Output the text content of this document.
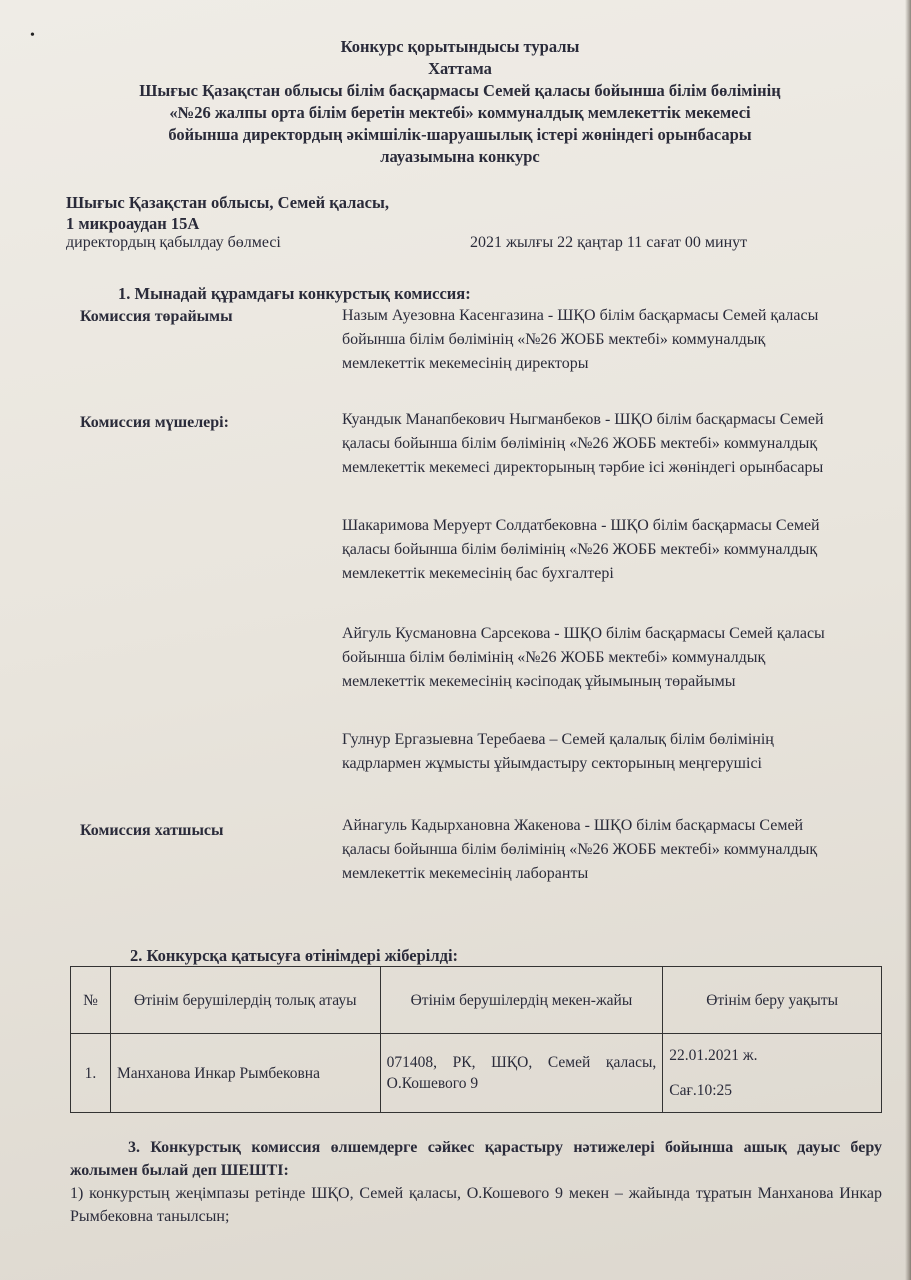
•
Конкурс қорытындысы туралы
Хаттама
Шығыс Қазақстан облысы білім басқармасы Семей қаласы бойынша білім бөлімінің
«№26 жалпы орта білім беретін мектебі» коммуналдық мемлекеттік мекемесі
бойынша директордың әкімшілік-шаруашылық істері жөніндегі орынбасары
лауазымына конкурс
Шығыс Қазақстан облысы, Семей қаласы,
1 микроаудан 15А
директордың қабылдау бөлмесі	2021 жылғы 22 қаңтар 11 сағат 00 минут
1. Мынадай құрамдағы конкурстық комиссия:
Комиссия төрайымы	Назым Ауезовна Касенгазина - ШҚО білім басқармасы Семей қаласы бойынша білім бөлімінің «№26 ЖОББ мектебі» коммуналдық мемлекеттік мекемесінің директоры
Комиссия мүшелері:	Куандык Манапбекович Ныгманбеков - ШҚО білім басқармасы Семей қаласы бойынша білім бөлімінің «№26 ЖОББ мектебі» коммуналдық мемлекеттік мекемесі директорының тәрбие ісі жөніндегі орынбасары
Шакаримова Меруерт Солдатбековна - ШҚО білім басқармасы Семей қаласы бойынша білім бөлімінің «№26 ЖОББ мектебі» коммуналдық мемлекеттік мекемесінің бас бухгалтері
Айгуль Кусмановна Сарсекова - ШҚО білім басқармасы Семей қаласы бойынша білім бөлімінің «№26 ЖОББ мектебі» коммуналдық мемлекеттік мекемесінің кәсіподақ ұйымының төрайымы
Гулнур Ергазыевна Теребаева – Семей қалалық білім бөлімінің кадрлармен жұмысты ұйымдастыру секторының меңгерушісі
Комиссия хатшысы	Айнагуль Кадырхановна Жакенова - ШҚО білім басқармасы Семей қаласы бойынша білім бөлімінің «№26 ЖОББ мектебі» коммуналдық мемлекеттік мекемесінің лаборанты
2. Конкурсқа қатысуға өтінімдері жіберілді:
№	Өтінім берушілердің толық атауы	Өтінім берушілердің мекен-жайы	Өтінім беру уақыты
1.	Манханова Инкар Рымбековна	071408, РК, ШҚО, Семей қаласы, О.Кошевого 9	22.01.2021 ж.
Сағ.10:25
3. Конкурстық комиссия өлшемдерге сәйкес қарастыру нәтижелері бойынша ашық дауыс беру жолымен былай деп ШЕШТІ:
1) конкурстың жеңімпазы ретінде ШҚО, Семей қаласы, О.Кошевого 9 мекен – жайында тұратын Манханова Инкар Рымбековна танылсын;
